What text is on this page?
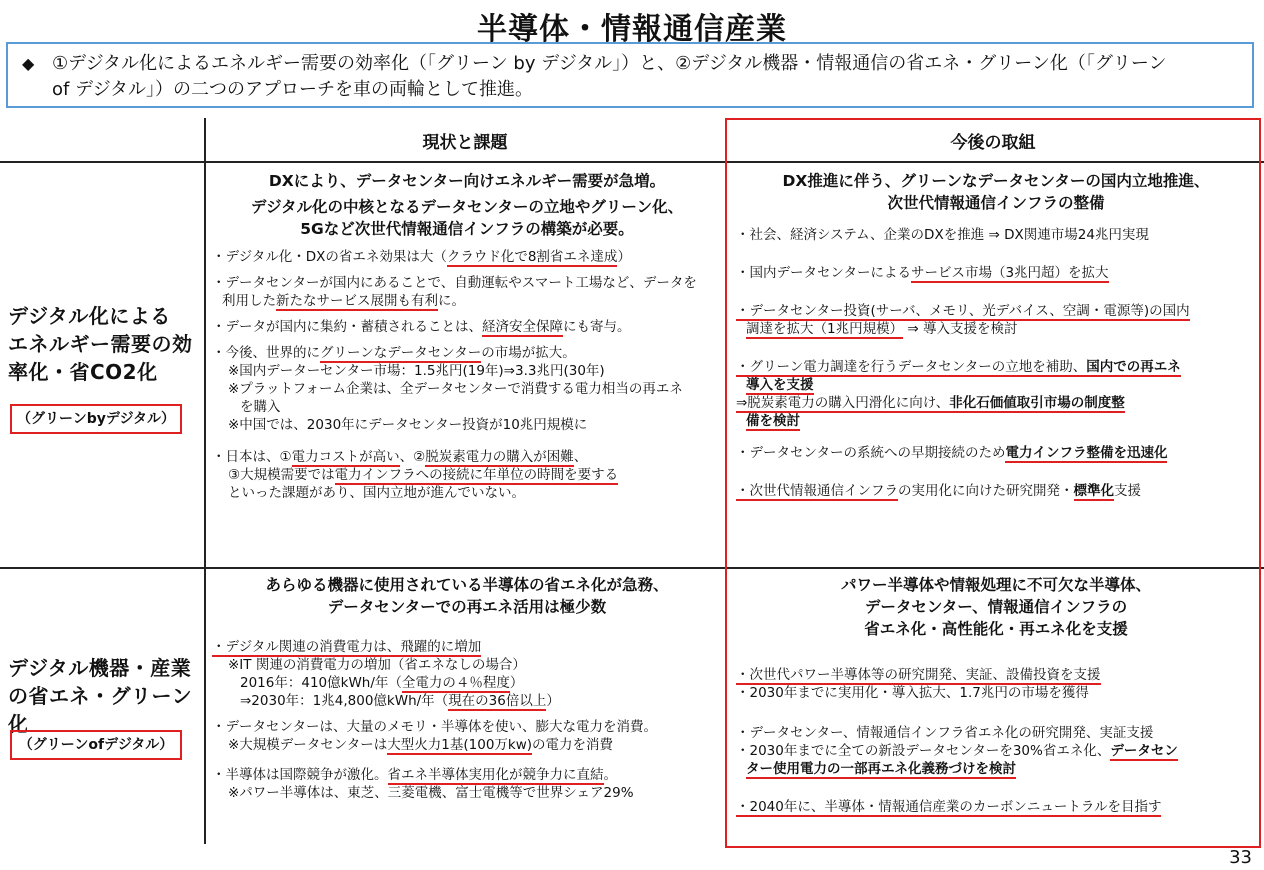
半導体・情報通信産業
◆ ①デジタル化によるエネルギー需要の効率化（「グリーン by デジタル」）と、②デジタル機器・情報通信の省エネ・グリーン化（「グリーン
of デジタル」）の二つのアプローチを車の両輪として推進。
現状と課題	今後の取組
デジタル化による
エネルギー需要の効
率化・省CO2化
（グリーンbyデジタル）
DXにより、データセンター向けエネルギー需要が急増。
デジタル化の中核となるデータセンターの立地やグリーン化、
5Gなど次世代情報通信インフラの構築が必要。
・デジタル化・DXの省エネ効果は大（クラウド化で8割省エネ達成）
・データセンターが国内にあることで、自動運転やスマート工場など、データを
利用した新たなサービス展開も有利に。
・データが国内に集約・蓄積されることは、経済安全保障にも寄与。
・今後、世界的にグリーンなデータセンターの市場が拡大。
※国内データーセンター市場：1.5兆円(19年)⇒3.3兆円(30年)
※プラットフォーム企業は、全データセンターで消費する電力相当の再エネ
を購入
※中国では、2030年にデータセンター投資が10兆円規模に
・日本は、①電力コストが高い、②脱炭素電力の購入が困難、
③大規模需要では電力インフラへの接続に年単位の時間を要する
といった課題があり、国内立地が進んでいない。
DX推進に伴う、グリーンなデータセンターの国内立地推進、
次世代情報通信インフラの整備
・社会、経済システム、企業のDXを推進 ⇒ DX関連市場24兆円実現
・国内データセンターによるサービス市場（3兆円超）を拡大
・データセンター投資(サーバ、メモリ、光デバイス、空調・電源等)の国内
調達を拡大（1兆円規模） ⇒ 導入支援を検討
・グリーン電力調達を行うデータセンターの立地を補助、国内での再エネ
導入を支援
⇒脱炭素電力の購入円滑化に向け、非化石価値取引市場の制度整
備を検討
・データセンターの系統への早期接続のため電力インフラ整備を迅速化
・次世代情報通信インフラの実用化に向けた研究開発・標準化支援
デジタル機器・産業
の省エネ・グリーン化
（グリーンofデジタル）
あらゆる機器に使用されている半導体の省エネ化が急務、
データセンターでの再エネ活用は極少数
・デジタル関連の消費電力は、飛躍的に増加
※IT 関連の消費電力の増加（省エネなしの場合）
2016年：410億kWh/年（全電力の４％程度）
⇒2030年：1兆4,800億kWh/年（現在の36倍以上）
・データセンターは、大量のメモリ・半導体を使い、膨大な電力を消費。
※大規模データセンターは大型火力1基(100万kw)の電力を消費
・半導体は国際競争が激化。省エネ半導体実用化が競争力に直結。
※パワー半導体は、東芝、三菱電機、富士電機等で世界シェア29%
パワー半導体や情報処理に不可欠な半導体、
データセンター、情報通信インフラの
省エネ化・高性能化・再エネ化を支援
・次世代パワー半導体等の研究開発、実証、設備投資を支援
・2030年までに実用化・導入拡大、1.7兆円の市場を獲得
・データセンター、情報通信インフラ省エネ化の研究開発、実証支援
・2030年までに全ての新設データセンターを30%省エネ化、データセン
ター使用電力の一部再エネ化義務づけを検討
・2040年に、半導体・情報通信産業のカーボンニュートラルを目指す
33
